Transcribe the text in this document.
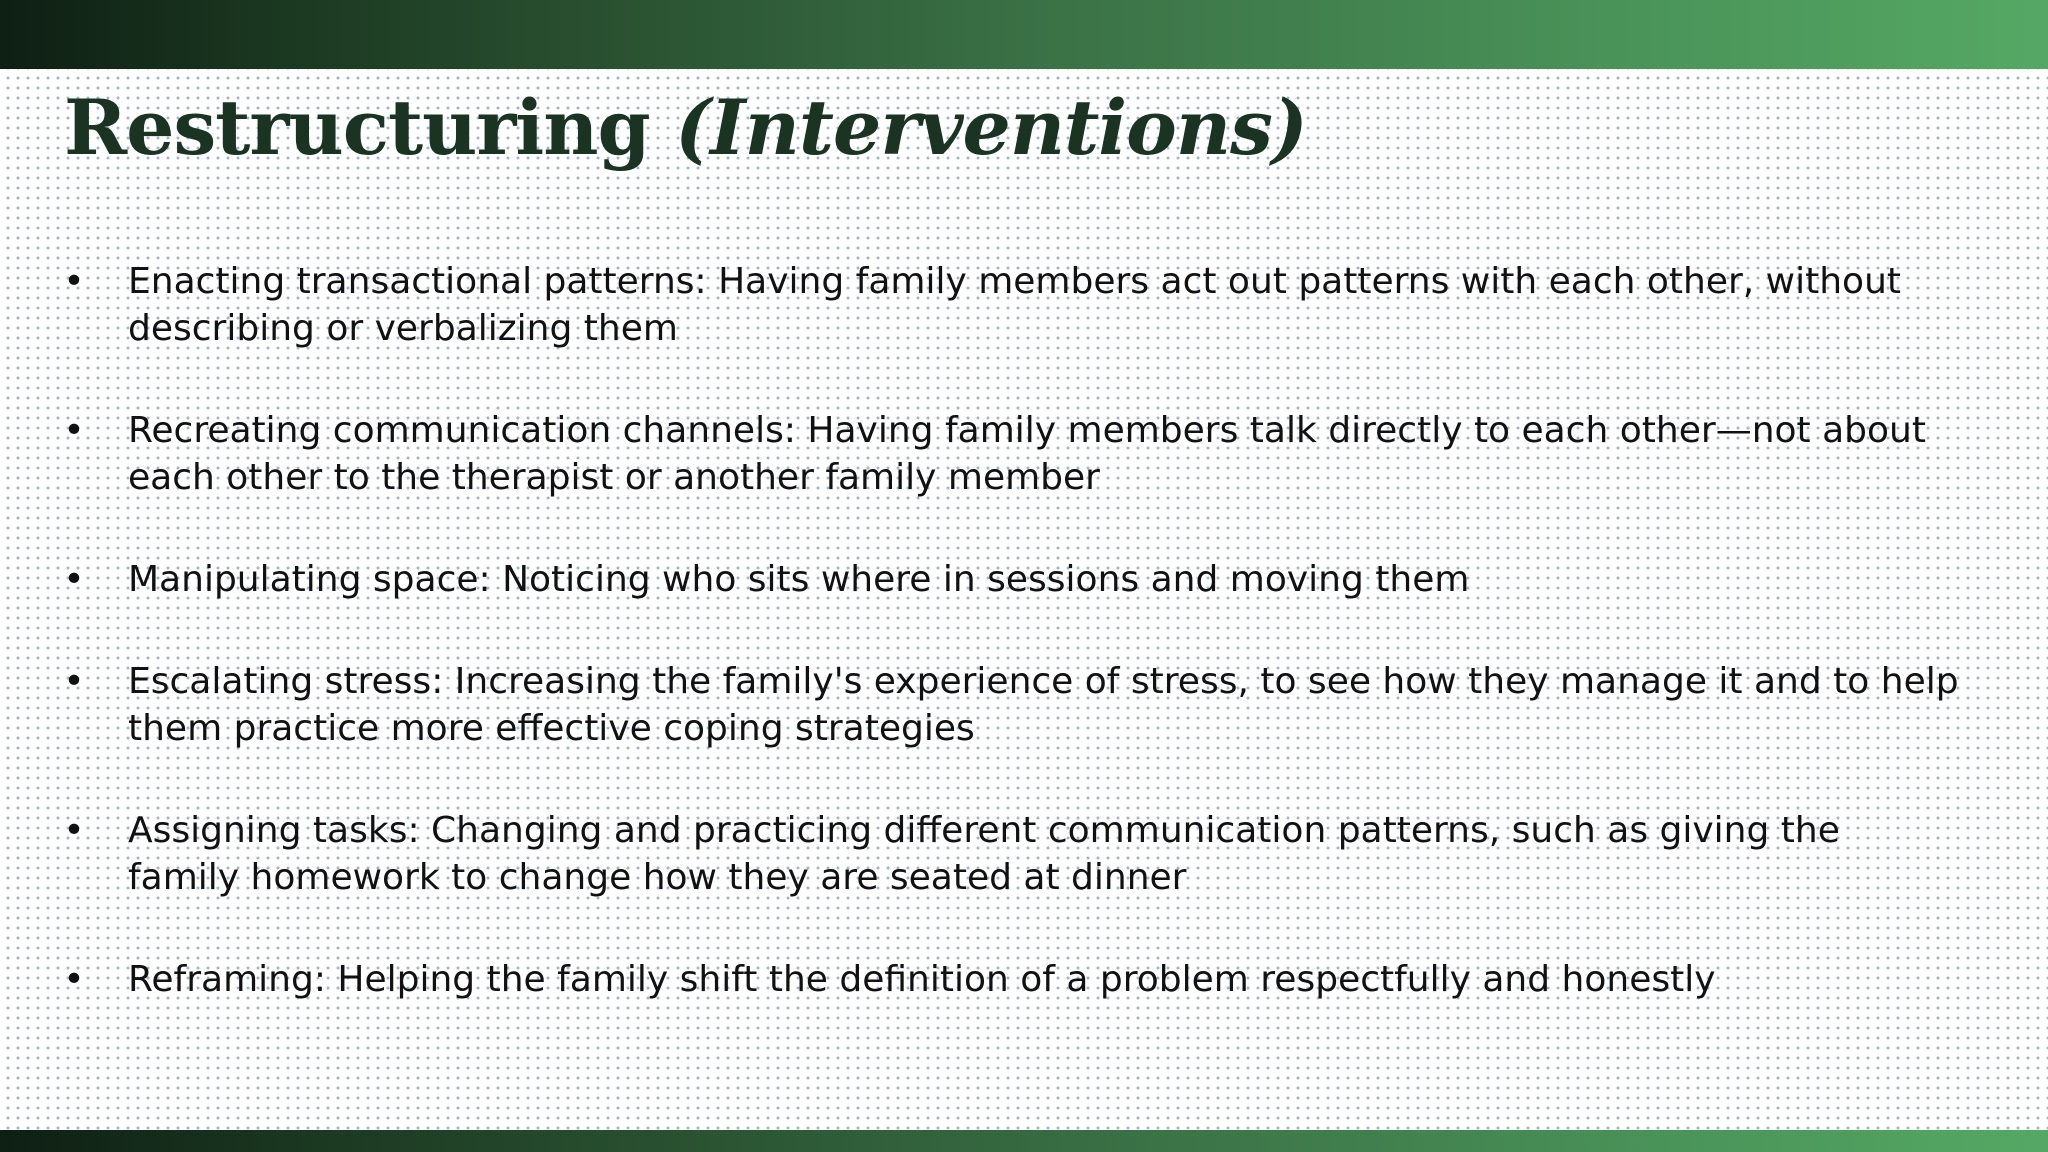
Restructuring (Interventions)
• Enacting transactional patterns: Having family members act out patterns with each other, without describing or verbalizing them
• Recreating communication channels: Having family members talk directly to each other—not about each other to the therapist or another family member
• Manipulating space: Noticing who sits where in sessions and moving them
• Escalating stress: Increasing the family's experience of stress, to see how they manage it and to help them practice more effective coping strategies
• Assigning tasks: Changing and practicing different communication patterns, such as giving the family homework to change how they are seated at dinner
• Reframing: Helping the family shift the definition of a problem respectfully and honestly
